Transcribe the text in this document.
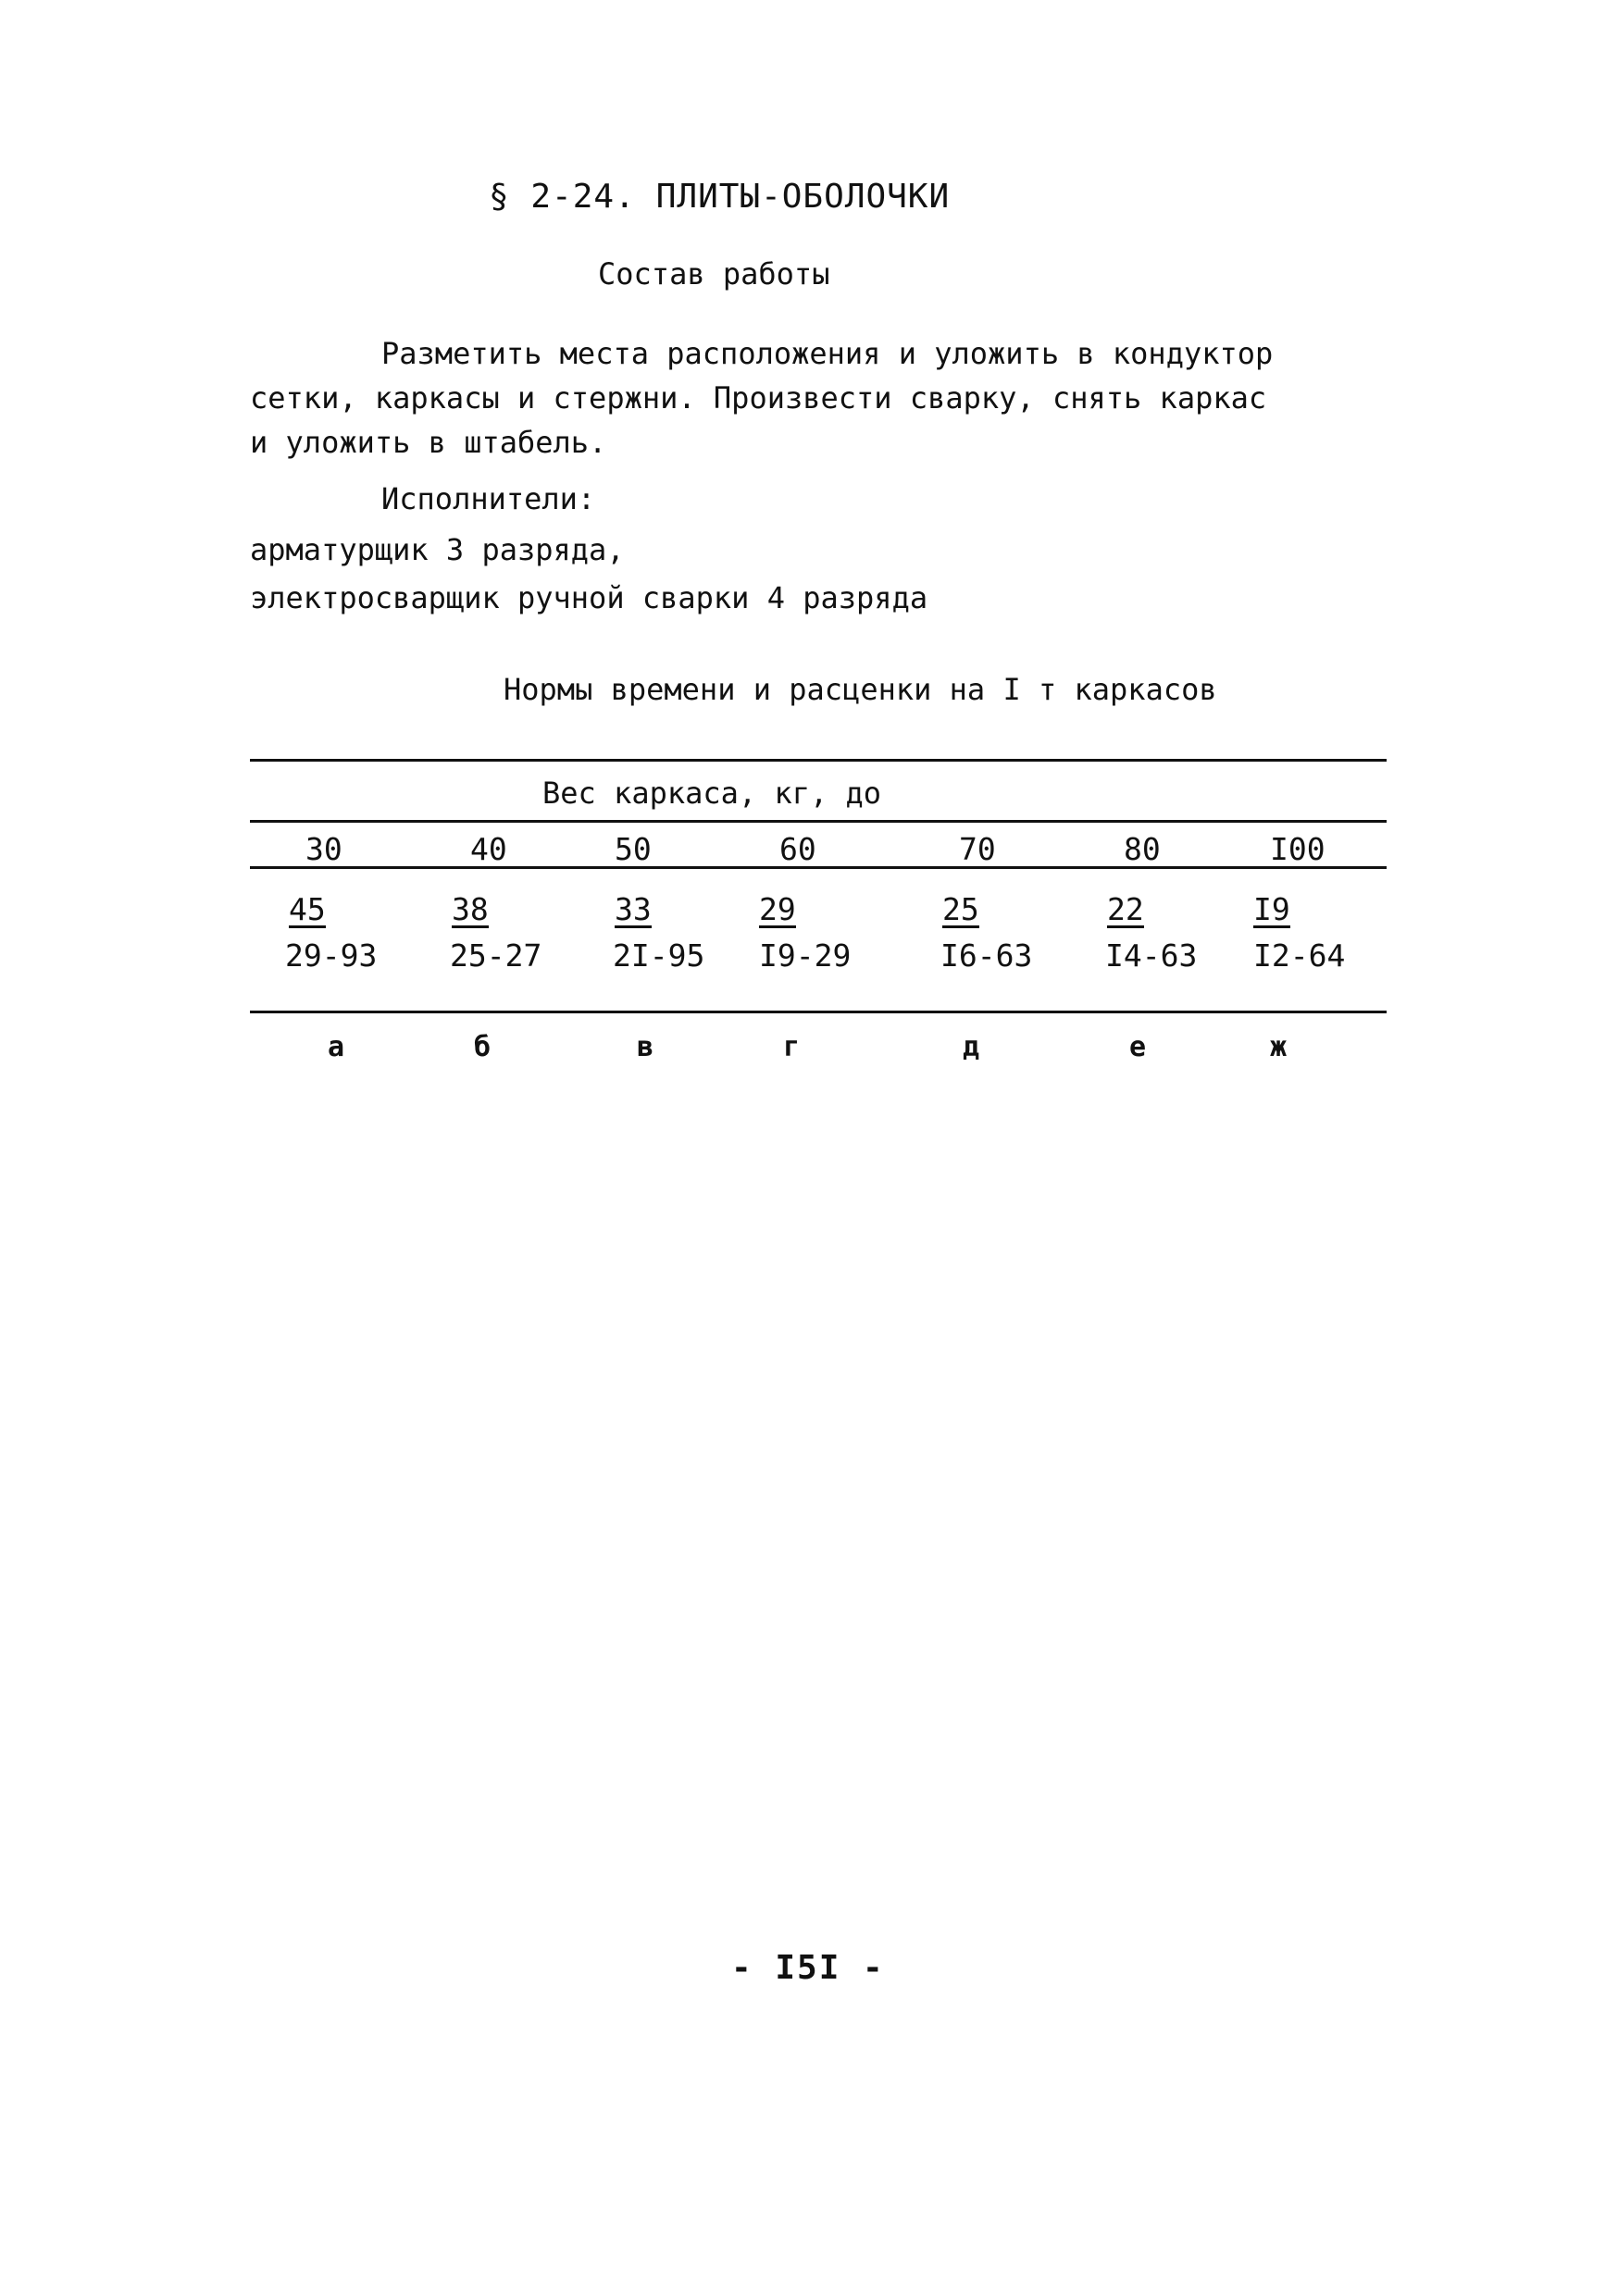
§ 2-24. ПЛИТЫ-ОБОЛОЧКИ
Состав работы
Разметить места расположения и уложить в кондуктор
сетки, каркасы и стержни. Произвести сварку, снять каркас
и уложить в штабель.
Исполнители:
арматурщик 3 разряда,
электросварщик ручной сварки 4 разряда
Нормы времени и расценки на I т каркасов
Вес каркаса, кг, до
30
45
29-93
а
40
38
25-27
б
50
33
2I-95
в
60
29
I9-29
г
70
25
I6-63
д
80
22
I4-63
е
I00
I9
I2-64
ж
- I5I -
